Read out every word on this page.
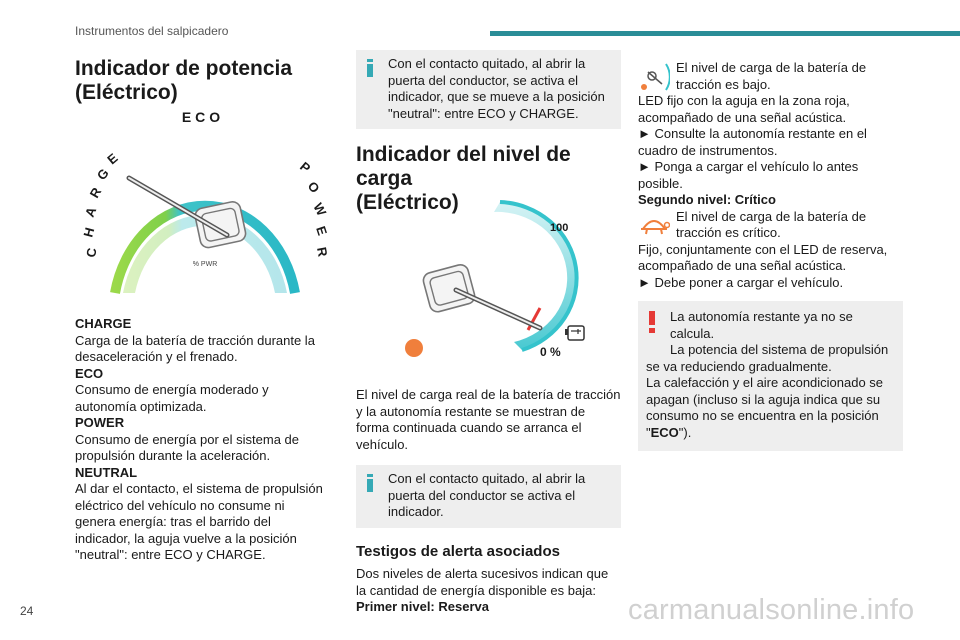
Instrumentos del salpicadero
Indicador de potencia
(Eléctrico)
ECO
C
H
A
R
G
E
P
O
W
E
R
% PWR
CHARGE
Carga de la batería de tracción durante la desaceleración y el frenado.
ECO
Consumo de energía moderado y autonomía optimizada.
POWER
Consumo de energía por el sistema de propulsión durante la aceleración.
NEUTRAL
Al dar el contacto, el sistema de propulsión eléctrico del vehículo no consume ni genera energía: tras el barrido del indicador, la aguja vuelve a la posición "neutral": entre ECO y CHARGE.
Con el contacto quitado, al abrir la puerta del conductor, se activa el indicador, que se mueve a la posición "neutral": entre ECO y CHARGE.
Indicador del nivel de carga
(Eléctrico)
100
0 %
El nivel de carga real de la batería de tracción y la autonomía restante se muestran de forma continuada cuando se arranca el vehículo.
Con el contacto quitado, al abrir la puerta del conductor se activa el indicador.
Testigos de alerta asociados
Dos niveles de alerta sucesivos indican que la cantidad de energía disponible es baja:
Primer nivel: Reserva
El nivel de carga de la batería de tracción es bajo.
LED fijo con la aguja en la zona roja, acompañado de una señal acústica.
► Consulte la autonomía restante en el cuadro de instrumentos.
► Ponga a cargar el vehículo lo antes posible.
Segundo nivel: Crítico
El nivel de carga de la batería de tracción es crítico.
Fijo, conjuntamente con el LED de reserva, acompañado de una señal acústica.
► Debe poner a cargar el vehículo.
La autonomía restante ya no se calcula.
La potencia del sistema de propulsión se va reduciendo gradualmente.
La calefacción y el aire acondicionado se apagan (incluso si la aguja indica que su consumo no se encuentra en la posición "ECO").
24	carmanualsonline.info
